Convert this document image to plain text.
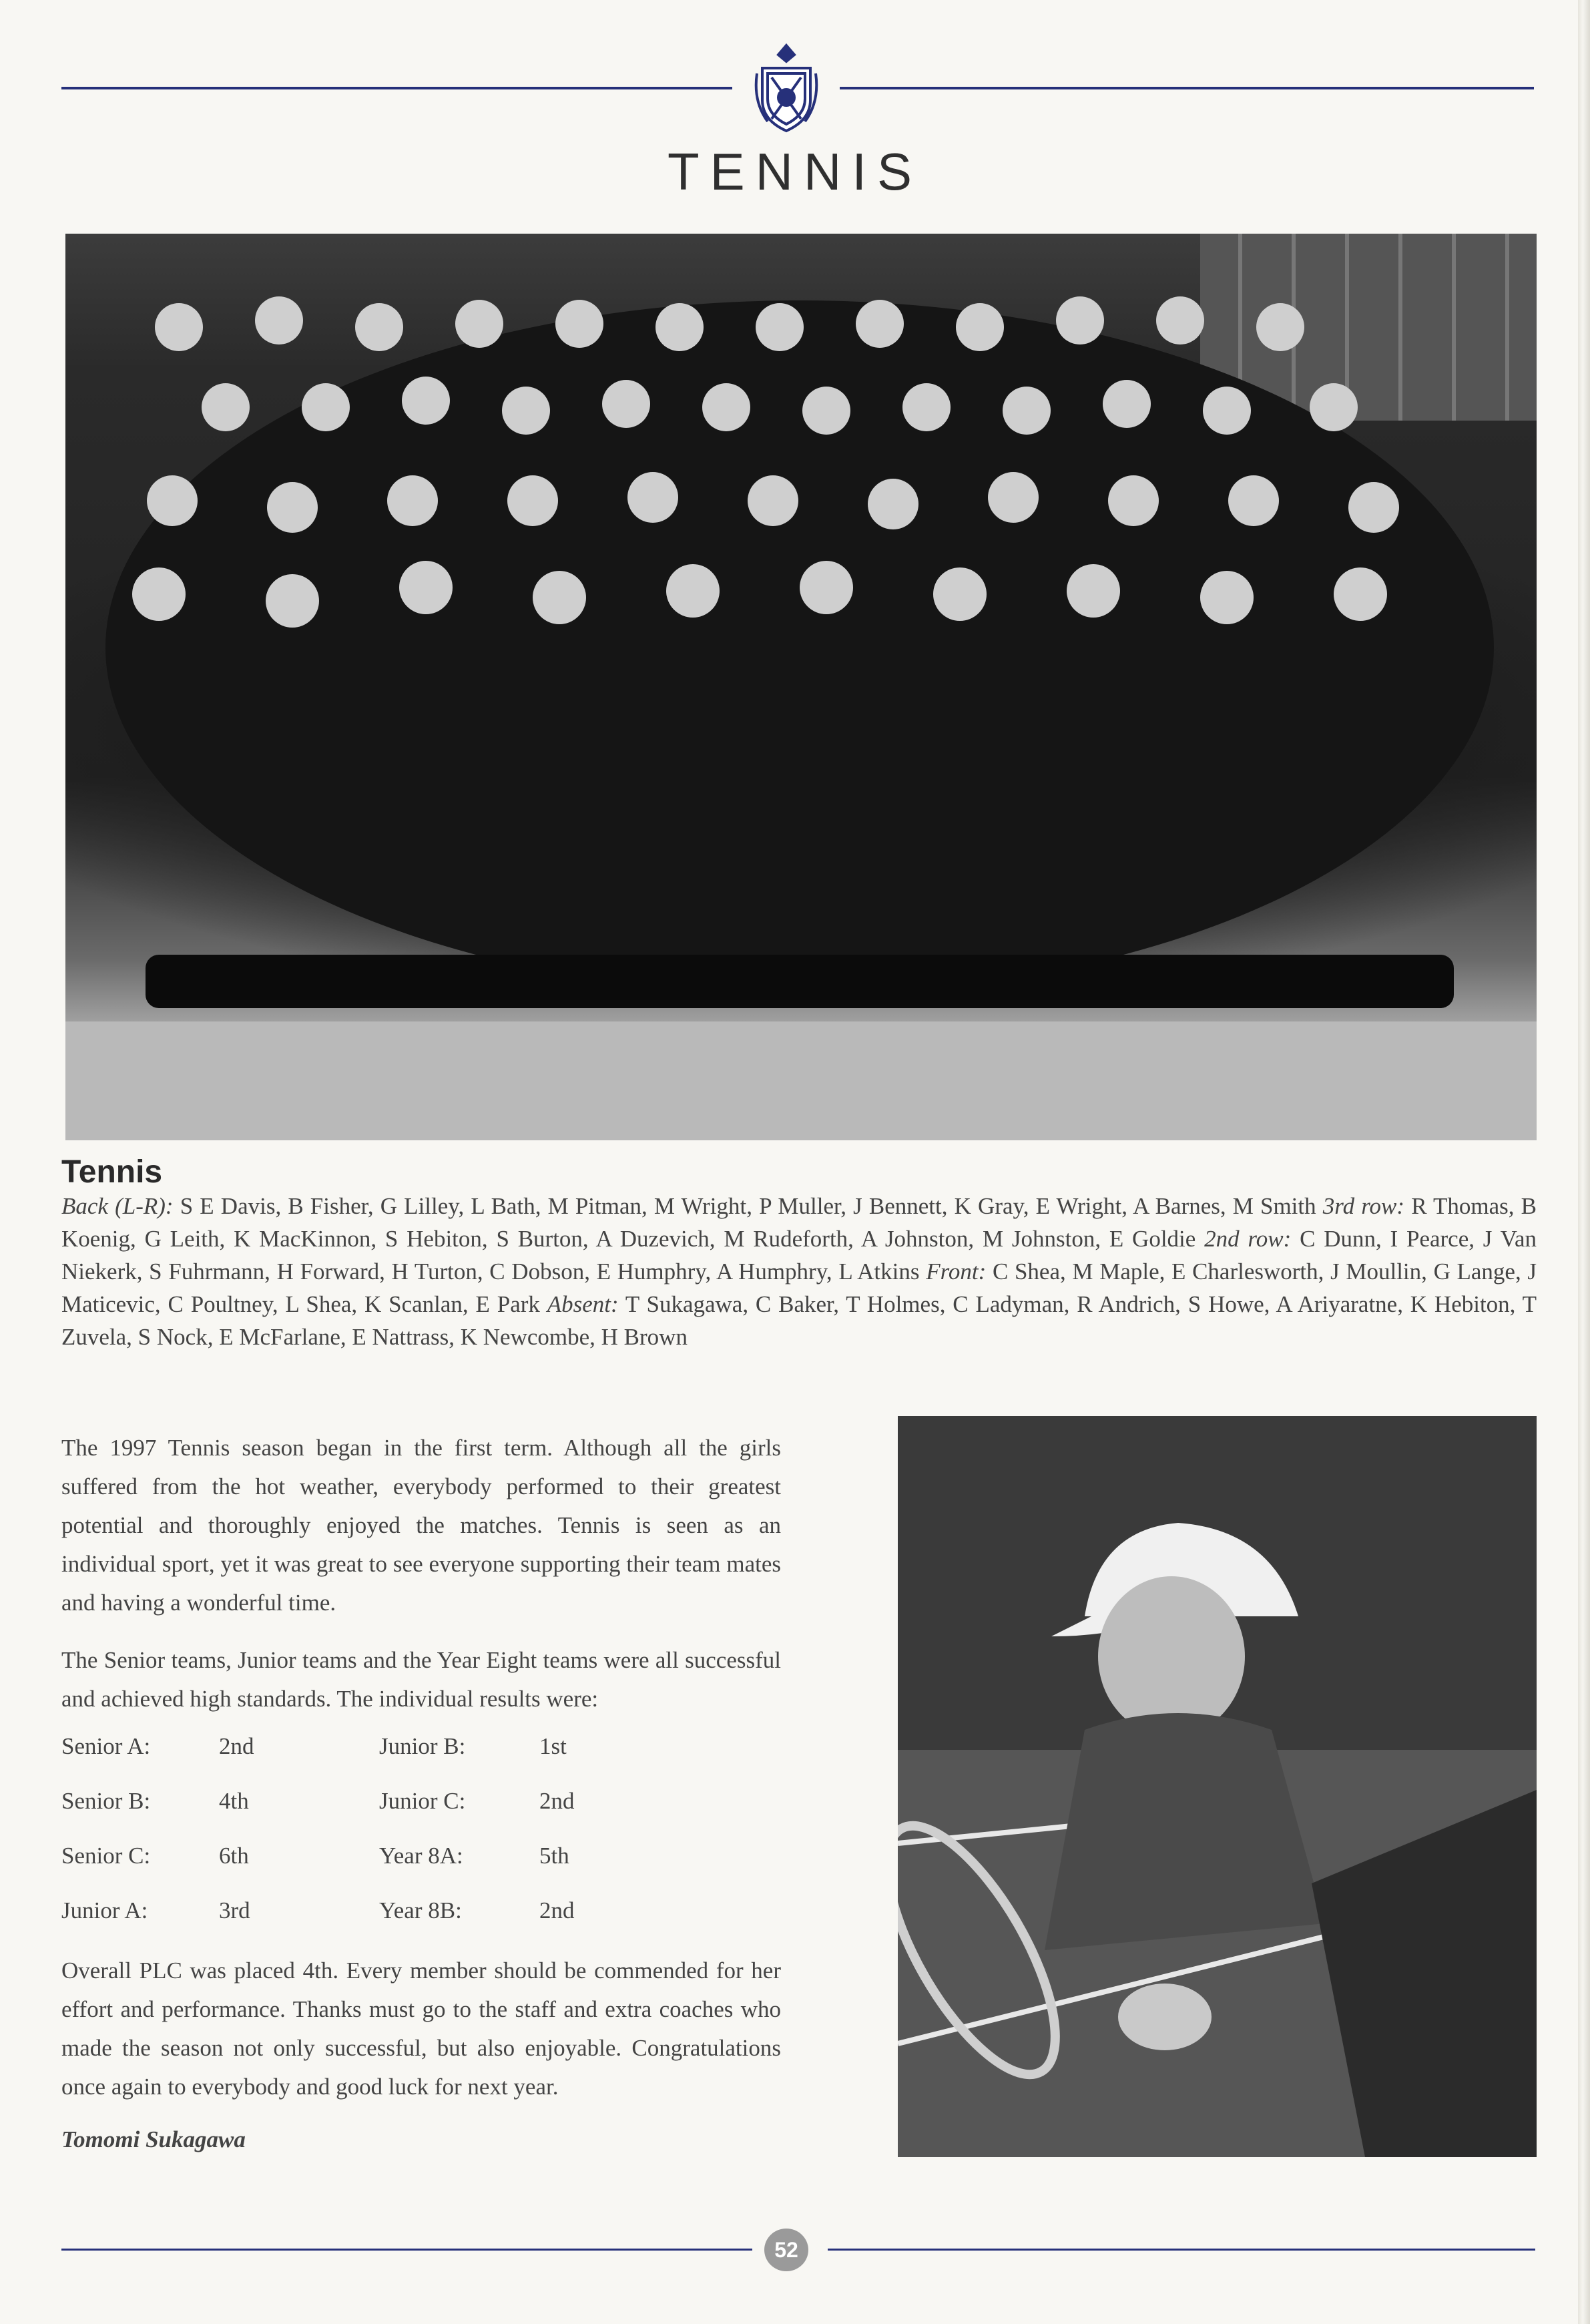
TENNIS
Tennis
Back (L-R): S E Davis, B Fisher, G Lilley, L Bath, M Pitman, M Wright, P Muller, J Bennett, K Gray, E Wright, A Barnes, M Smith 3rd row: R Thomas, B Koenig, G Leith, K MacKinnon, S Hebiton, S Burton, A Duzevich, M Rudeforth, A Johnston, M Johnston, E Goldie 2nd row: C Dunn, I Pearce, J Van Niekerk, S Fuhrmann, H Forward, H Turton, C Dobson, E Humphry, A Humphry, L Atkins Front: C Shea, M Maple, E Charlesworth, J Moullin, G Lange, J Maticevic, C Poultney, L Shea, K Scanlan, E Park Absent: T Sukagawa, C Baker, T Holmes, C Ladyman, R Andrich, S Howe, A Ariyaratne, K Hebiton, T Zuvela, S Nock, E McFarlane, E Nattrass, K Newcombe, H Brown

The 1997 Tennis season began in the first term. Although all the girls suffered from the hot weather, everybody performed to their greatest potential and thoroughly enjoyed the matches. Tennis is seen as an individual sport, yet it was great to see everyone supporting their team mates and having a wonderful time.

The Senior teams, Junior teams and the Year Eight teams were all successful and achieved high standards. The individual results were:

Senior A:	2nd	Junior B:	1st
Senior B:	4th	Junior C:	2nd
Senior C:	6th	Year 8A:	5th
Junior A:	3rd	Year 8B:	2nd

Overall PLC was placed 4th. Every member should be commended for her effort and performance. Thanks must go to the staff and extra coaches who made the season not only successful, but also enjoyable. Congratulations once again to everybody and good luck for next year.

Tomomi Sukagawa
52
